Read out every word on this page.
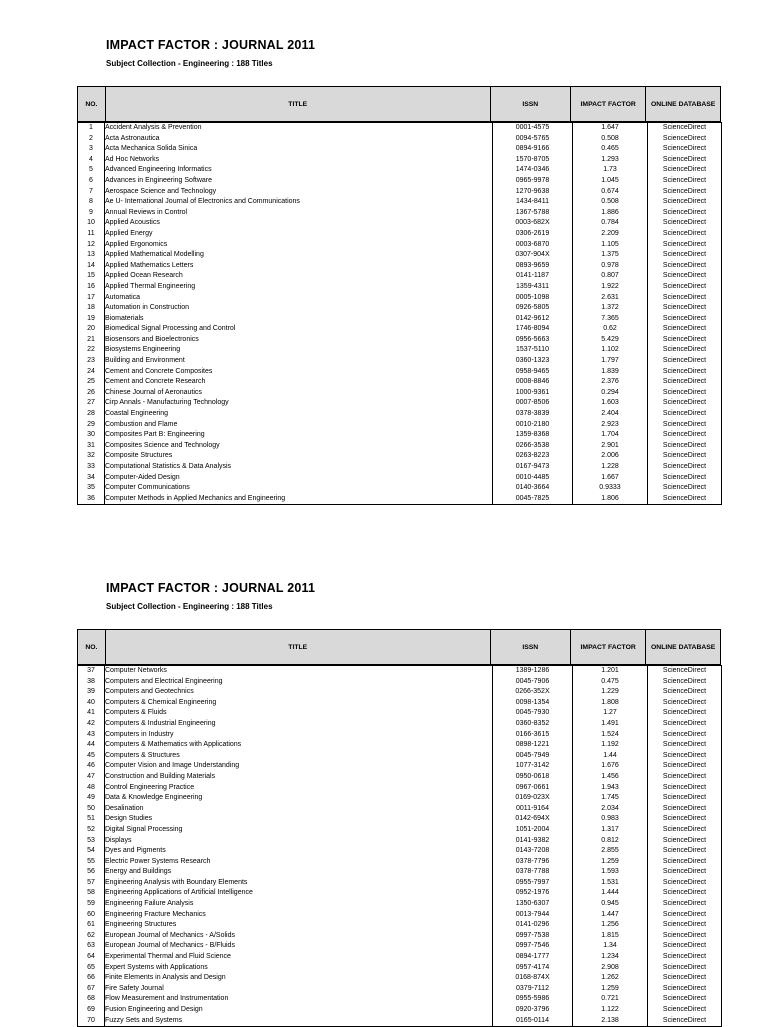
IMPACT FACTOR : JOURNAL 2011
Subject Collection - Engineering : 188 Titles
NO.	TITLE	ISSN	IMPACT FACTOR	ONLINE DATABASE
1	Accident Analysis & Prevention	0001-4575	1.647	ScienceDirect
2	Acta Astronautica	0094-5765	0.508	ScienceDirect
3	Acta Mechanica Solida Sinica	0894-9166	0.465	ScienceDirect
4	Ad Hoc Networks	1570-8705	1.293	ScienceDirect
5	Advanced Engineering Informatics	1474-0346	1.73	ScienceDirect
6	Advances in Engineering Software	0965-9978	1.045	ScienceDirect
7	Aerospace Science and Technology	1270-9638	0.674	ScienceDirect
8	Ae Ü- International Journal of Electronics and Communications	1434-8411	0.508	ScienceDirect
9	Annual Reviews in Control	1367-5788	1.886	ScienceDirect
10	Applied Acoustics	0003-682X	0.784	ScienceDirect
11	Applied Energy	0306-2619	2.209	ScienceDirect
12	Applied Ergonomics	0003-6870	1.105	ScienceDirect
13	Applied Mathematical Modelling	0307-904X	1.375	ScienceDirect
14	Applied Mathematics Letters	0893-9659	0.978	ScienceDirect
15	Applied Ocean Research	0141-1187	0.807	ScienceDirect
16	Applied Thermal Engineering	1359-4311	1.922	ScienceDirect
17	Automatica	0005-1098	2.631	ScienceDirect
18	Automation in Construction	0926-5805	1.372	ScienceDirect
19	Biomaterials	0142-9612	7.365	ScienceDirect
20	Biomedical Signal Processing and Control	1746-8094	0.62	ScienceDirect
21	Biosensors and Bioelectronics	0956-5663	5.429	ScienceDirect
22	Biosystems Engineering	1537-5110	1.102	ScienceDirect
23	Building and Environment	0360-1323	1.797	ScienceDirect
24	Cement and Concrete Composites	0958-9465	1.839	ScienceDirect
25	Cement and Concrete Research	0008-8846	2.376	ScienceDirect
26	Chinese Journal of Aeronautics	1000-9361	0.294	ScienceDirect
27	Cirp Annals - Manufacturing Technology	0007-8506	1.603	ScienceDirect
28	Coastal Engineering	0378-3839	2.404	ScienceDirect
29	Combustion and Flame	0010-2180	2.923	ScienceDirect
30	Composites Part B: Engineering	1359-8368	1.704	ScienceDirect
31	Composites Science and Technology	0266-3538	2.901	ScienceDirect
32	Composite Structures	0263-8223	2.006	ScienceDirect
33	Computational Statistics & Data Analysis	0167-9473	1.228	ScienceDirect
34	Computer-Aided Design	0010-4485	1.667	ScienceDirect
35	Computer Communications	0140-3664	0.9333	ScienceDirect
36	Computer Methods in Applied Mechanics and Engineering	0045-7825	1.806	ScienceDirect
IMPACT FACTOR : JOURNAL 2011
Subject Collection - Engineering : 188 Titles
NO.	TITLE	ISSN	IMPACT FACTOR	ONLINE DATABASE
37	Computer Networks	1389-1286	1.201	ScienceDirect
38	Computers and Electrical Engineering	0045-7906	0.475	ScienceDirect
39	Computers and Geotechnics	0266-352X	1.229	ScienceDirect
40	Computers & Chemical Engineering	0098-1354	1.808	ScienceDirect
41	Computers & Fluids	0045-7930	1.27	ScienceDirect
42	Computers & Industrial Engineering	0360-8352	1.491	ScienceDirect
43	Computers in Industry	0166-3615	1.524	ScienceDirect
44	Computers & Mathematics with Applications	0898-1221	1.192	ScienceDirect
45	Computers & Structures	0045-7949	1.44	ScienceDirect
46	Computer Vision and Image Understanding	1077-3142	1.676	ScienceDirect
47	Construction and Building Materials	0950-0618	1.456	ScienceDirect
48	Control Engineering Practice	0967-0661	1.943	ScienceDirect
49	Data & Knowledge Engineering	0169-023X	1.745	ScienceDirect
50	Desalination	0011-9164	2.034	ScienceDirect
51	Design Studies	0142-694X	0.983	ScienceDirect
52	Digital Signal Processing	1051-2004	1.317	ScienceDirect
53	Displays	0141-9382	0.812	ScienceDirect
54	Dyes and Pigments	0143-7208	2.855	ScienceDirect
55	Electric Power Systems Research	0378-7796	1.259	ScienceDirect
56	Energy and Buildings	0378-7788	1.593	ScienceDirect
57	Engineering Analysis with Boundary Elements	0955-7997	1.531	ScienceDirect
58	Engineering Applications of Artificial Intelligence	0952-1976	1.444	ScienceDirect
59	Engineering Failure Analysis	1350-6307	0.945	ScienceDirect
60	Engineering Fracture Mechanics	0013-7944	1.447	ScienceDirect
61	Engineering Structures	0141-0296	1.256	ScienceDirect
62	European Journal of Mechanics - A/Solids	0997-7538	1.815	ScienceDirect
63	European Journal of Mechanics - B/Fluids	0997-7546	1.34	ScienceDirect
64	Experimental Thermal and Fluid Science	0894-1777	1.234	ScienceDirect
65	Expert Systems with Applications	0957-4174	2.908	ScienceDirect
66	Finite Elements in Analysis and Design	0168-874X	1.262	ScienceDirect
67	Fire Safety Journal	0379-7112	1.259	ScienceDirect
68	Flow Measurement and Instrumentation	0955-5986	0.721	ScienceDirect
69	Fusion Engineering and Design	0920-3796	1.122	ScienceDirect
70	Fuzzy Sets and Systems	0165-0114	2.138	ScienceDirect
